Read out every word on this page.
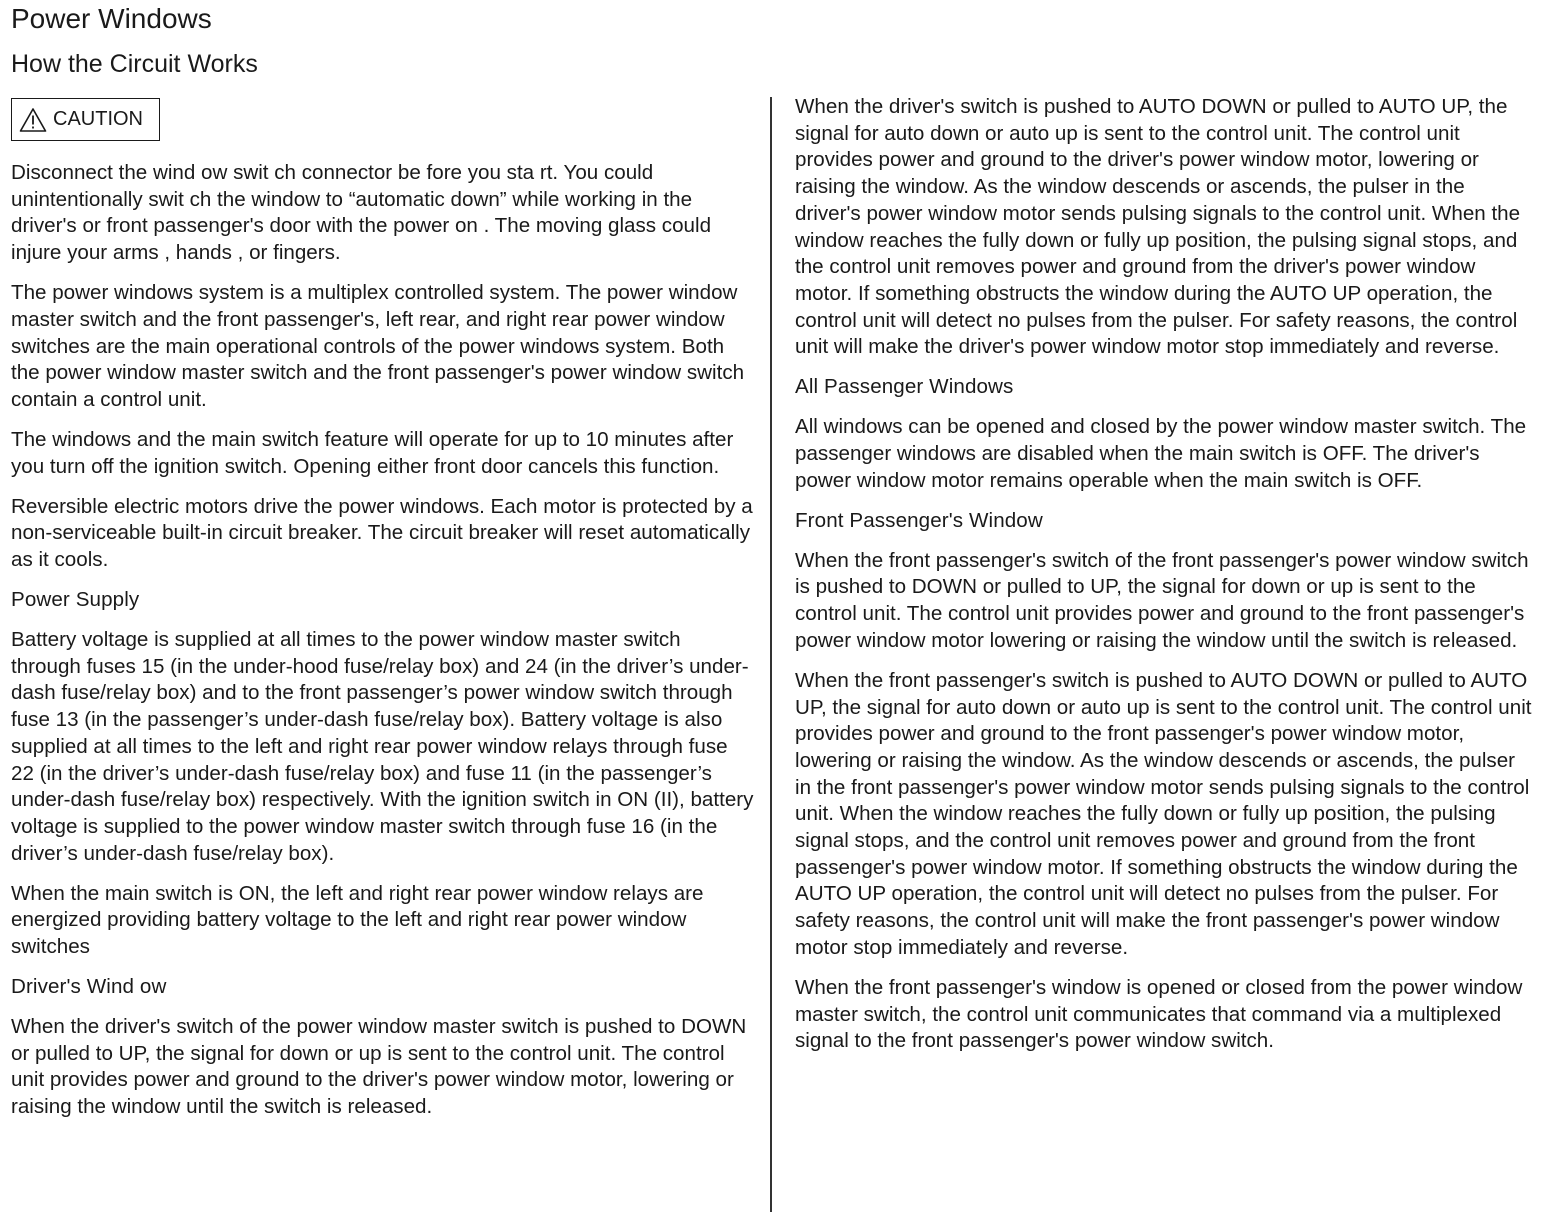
Power Windows
How the Circuit Works
CAUTION

Disconnect the wind ow swit ch connector be fore you sta rt. You could unintentionally swit ch the window to “automatic down” while working in the driver's or front passenger's door with the power on . The moving glass could injure your arms , hands , or fingers.

The power windows system is a multiplex controlled system. The power window master switch and the front passenger's, left rear, and right rear power window switches are the main operational controls of the power windows system. Both the power window master switch and the front passenger's power window switch contain a control unit.

The windows and the main switch feature will operate for up to 10 minutes after you turn off the ignition switch. Opening either front door cancels this function.

Reversible electric motors drive the power windows. Each motor is protected by a non-serviceable built-in circuit breaker. The circuit breaker will reset automatically as it cools.

Power Supply

Battery voltage is supplied at all times to the power window master switch through fuses 15 (in the under-hood fuse/relay box) and 24 (in the driver’s under-dash fuse/relay box) and to the front passenger’s power window switch through fuse 13 (in the passenger’s under-dash fuse/relay box). Battery voltage is also supplied at all times to the left and right rear power window relays through fuse 22 (in the driver’s under-dash fuse/relay box) and fuse 11 (in the passenger’s under-dash fuse/relay box) respectively. With the ignition switch in ON (II), battery voltage is supplied to the power window master switch through fuse 16 (in the driver’s under-dash fuse/relay box).

When the main switch is ON, the left and right rear power window relays are energized providing battery voltage to the left and right rear power window switches

Driver's Wind ow

When the driver's switch of the power window master switch is pushed to DOWN or pulled to UP, the signal for down or up is sent to the control unit. The control unit provides power and ground to the driver's power window motor, lowering or raising the window until the switch is released.

When the driver's switch is pushed to AUTO DOWN or pulled to AUTO UP, the signal for auto down or auto up is sent to the control unit. The control unit provides power and ground to the driver's power window motor, lowering or raising the window. As the window descends or ascends, the pulser in the driver's power window motor sends pulsing signals to the control unit. When the window reaches the fully down or fully up position, the pulsing signal stops, and the control unit removes power and ground from the driver's power window motor. If something obstructs the window during the AUTO UP operation, the control unit will detect no pulses from the pulser. For safety reasons, the control unit will make the driver's power window motor stop immediately and reverse.

All Passenger Windows

All windows can be opened and closed by the power window master switch. The passenger windows are disabled when the main switch is OFF. The driver's power window motor remains operable when the main switch is OFF.

Front Passenger's Window

When the front passenger's switch of the front passenger's power window switch is pushed to DOWN or pulled to UP, the signal for down or up is sent to the control unit. The control unit provides power and ground to the front passenger's power window motor lowering or raising the window until the switch is released.

When the front passenger's switch is pushed to AUTO DOWN or pulled to AUTO UP, the signal for auto down or auto up is sent to the control unit. The control unit provides power and ground to the front passenger's power window motor, lowering or raising the window. As the window descends or ascends, the pulser in the front passenger's power window motor sends pulsing signals to the control unit. When the window reaches the fully down or fully up position, the pulsing signal stops, and the control unit removes power and ground from the front passenger's power window motor. If something obstructs the window during the AUTO UP operation, the control unit will detect no pulses from the pulser. For safety reasons, the control unit will make the front passenger's power window motor stop immediately and reverse.

When the front passenger's window is opened or closed from the power window master switch, the control unit communicates that command via a multiplexed signal to the front passenger's power window switch.
